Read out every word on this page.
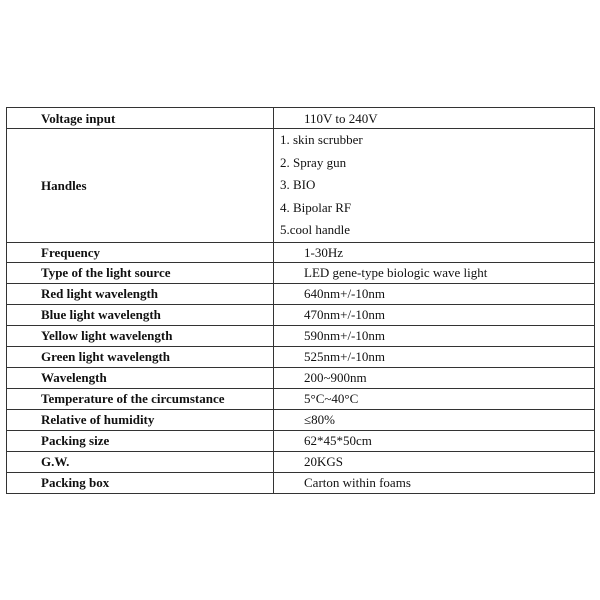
Voltage input	110V to 240V
Handles	1. skin scrubber
2. Spray gun
3. BIO
4. Bipolar RF
5.cool handle

Frequency	1-30Hz
Type of the light source	LED gene-type biologic wave light
Red light wavelength	640nm+/-10nm
Blue light wavelength	470nm+/-10nm
Yellow light wavelength	590nm+/-10nm
Green light wavelength	525nm+/-10nm
Wavelength	200~900nm
Temperature of the circumstance	5°C~40°C
Relative of humidity	≤80%
Packing size	62*45*50cm
G.W.	20KGS
Packing box	Carton within foams
